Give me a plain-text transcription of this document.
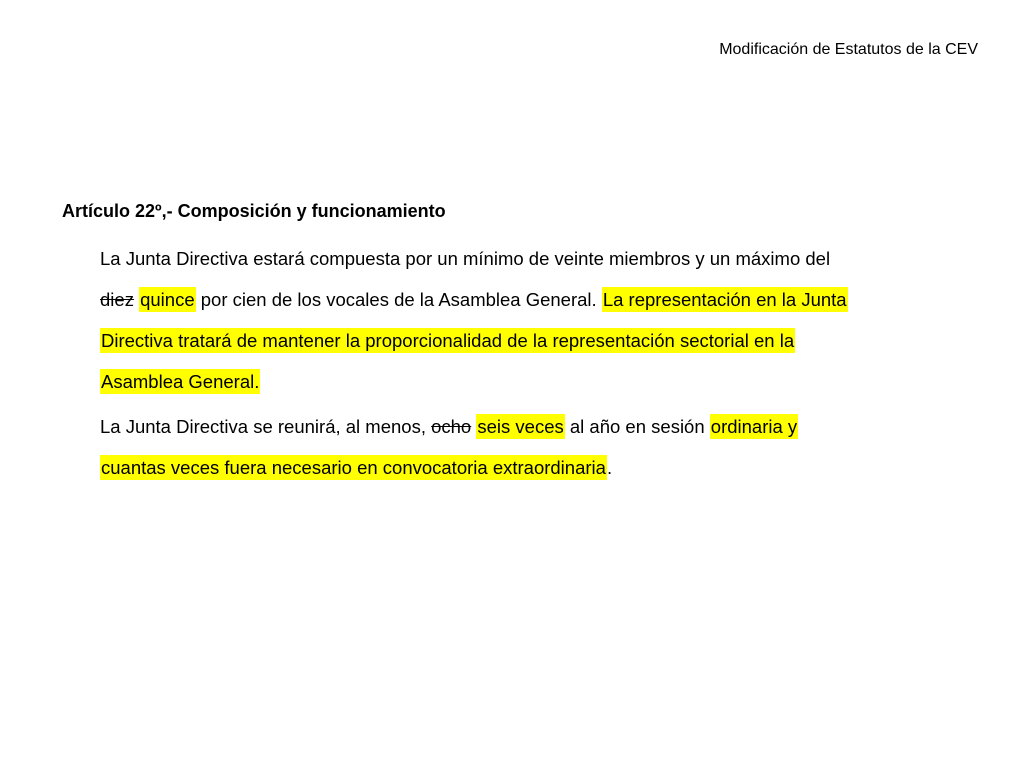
Modificación de Estatutos de la CEV
Artículo 22º,- Composición y funcionamiento
La Junta Directiva estará compuesta por un mínimo de veinte miembros y un máximo del
diez quince por cien de los vocales de la Asamblea General. La representación en la Junta
Directiva tratará de mantener la proporcionalidad de la representación sectorial en la
Asamblea General.
La Junta Directiva se reunirá, al menos, ocho seis veces al año en sesión ordinaria y
cuantas veces fuera necesario en convocatoria extraordinaria.
